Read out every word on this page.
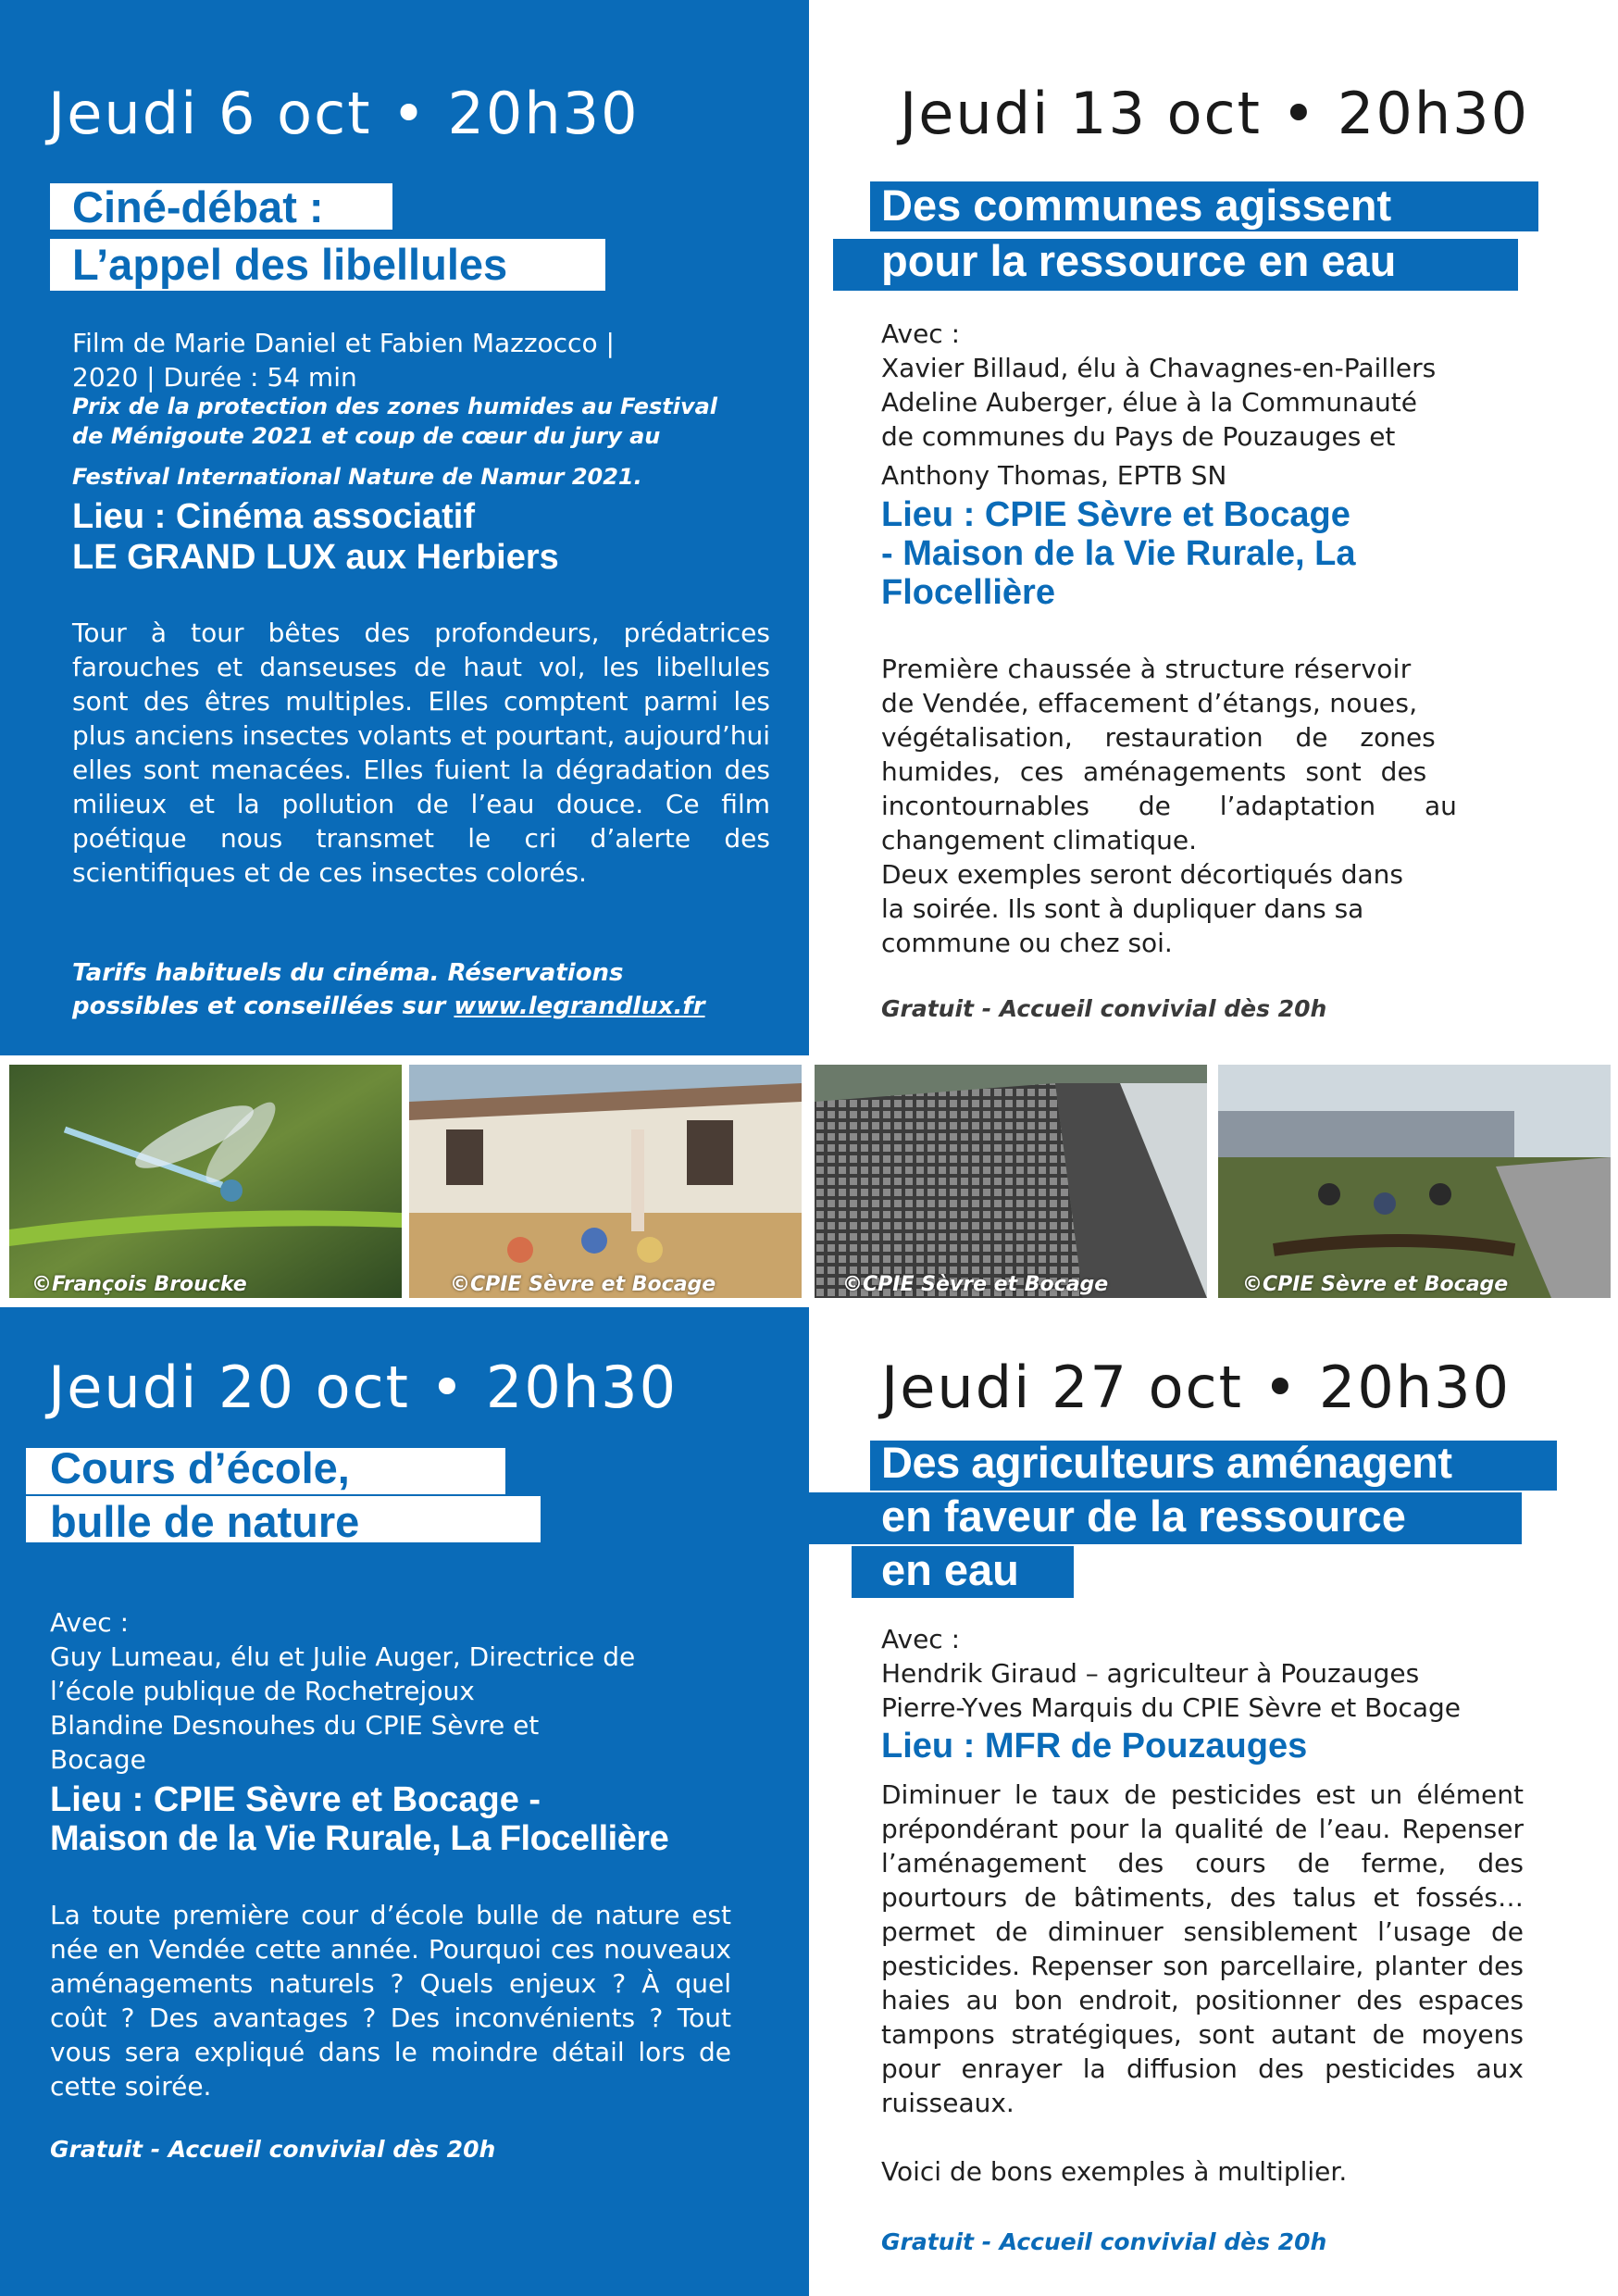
Jeudi 6 oct • 20h30
Ciné-débat :
L’appel des libellules
Film de Marie Daniel et Fabien Mazzocco |
2020 | Durée : 54 min
Prix de la protection des zones humides au Festival
de Ménigoute 2021 et coup de cœur du jury au
Festival International Nature de Namur 2021.
Lieu : Cinéma associatif
LE GRAND LUX aux Herbiers
Tour à tour bêtes des profondeurs, prédatrices farouches et danseuses de haut vol, les libellules sont des êtres multiples. Elles comptent parmi les plus anciens insectes volants et pourtant, aujourd’hui elles sont menacées. Elles fuient la dégradation des milieux et la pollution de l’eau douce. Ce film poétique nous transmet le cri d’alerte des scientifiques et de ces insectes colorés.
Tarifs habituels du cinéma. Réservations
possibles et conseillées sur www.legrandlux.fr
Jeudi 13 oct • 20h30
Des communes agissent
pour la ressource en eau
Avec :
Xavier Billaud, élu à Chavagnes-en-Paillers
Adeline Auberger, élue à la Communauté
de communes du Pays de Pouzauges et
Anthony Thomas, EPTB SN
Lieu : CPIE Sèvre et Bocage
- Maison de la Vie Rurale, La
Flocellière
Première chaussée à structure réservoir
de Vendée, effacement d’étangs, noues,
végétalisation, restauration de zones
humides, ces aménagements sont des
incontournables de l’adaptation au
changement climatique.
Deux exemples seront décortiqués dans
la soirée. Ils sont à dupliquer dans sa
commune ou chez soi.
Gratuit - Accueil convivial dès 20h
©François Broucke	©CPIE Sèvre et Bocage	©CPIE Sèvre et Bocage	©CPIE Sèvre et Bocage
Jeudi 20 oct • 20h30
Cours d’école,
bulle de nature
Avec :
Guy Lumeau, élu et Julie Auger, Directrice de
l’école publique de Rochetrejoux
Blandine Desnouhes du CPIE Sèvre et
Bocage
Lieu : CPIE Sèvre et Bocage -
Maison de la Vie Rurale, La Flocellière
La toute première cour d’école bulle de nature est née en Vendée cette année. Pourquoi ces nouveaux aménagements naturels ? Quels enjeux ? À quel coût ? Des avantages ? Des inconvénients ? Tout vous sera expliqué dans le moindre détail lors de cette soirée.
Gratuit - Accueil convivial dès 20h
Jeudi 27 oct • 20h30
Des agriculteurs aménagent
en faveur de la ressource
en eau
Avec :
Hendrik Giraud – agriculteur à Pouzauges
Pierre-Yves Marquis du CPIE Sèvre et Bocage
Lieu : MFR de Pouzauges
Diminuer le taux de pesticides est un élément prépondérant pour la qualité de l’eau. Repenser l’aménagement des cours de ferme, des pourtours de bâtiments, des talus et fossés… permet de diminuer sensiblement l’usage de pesticides. Repenser son parcellaire, planter des haies au bon endroit, positionner des espaces tampons stratégiques, sont autant de moyens pour enrayer la diffusion des pesticides aux ruisseaux.
Voici de bons exemples à multiplier.
Gratuit - Accueil convivial dès 20h
